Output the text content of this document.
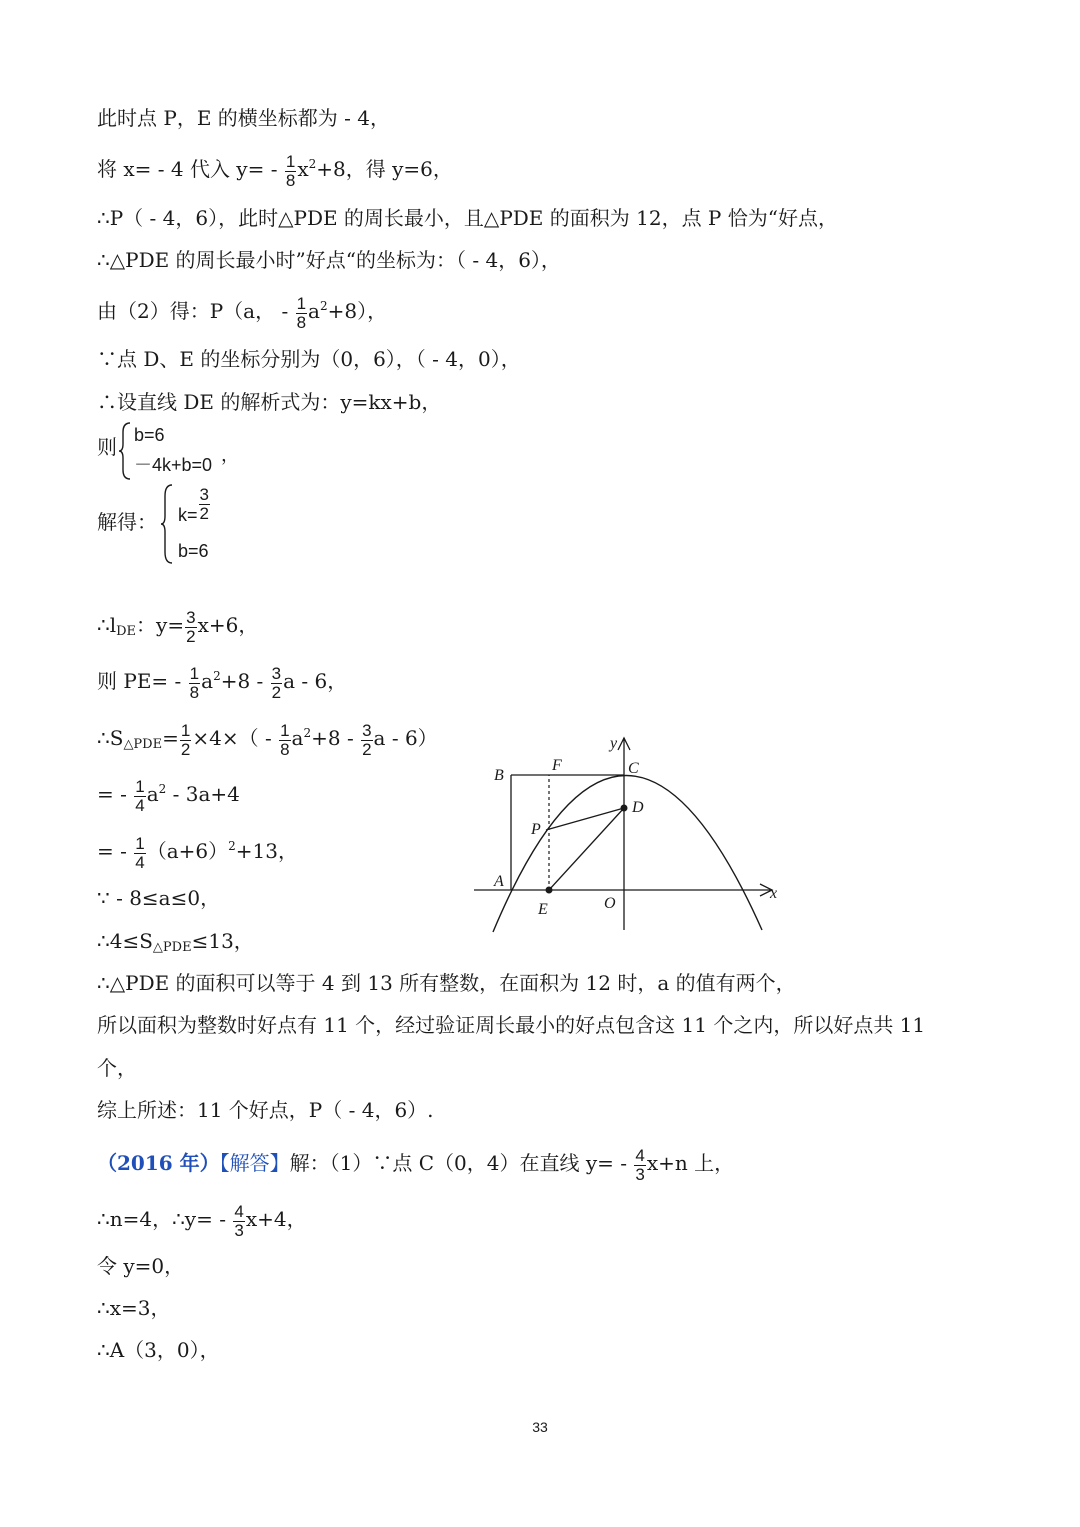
此时点 P，E 的横坐标都为 - 4，
将 x= - 4 代入 $y= - \frac{1}{8} x^2+8$，得 y=6，
∴P（ - 4，6），此时△PDE 的周长最小，且△PDE 的面积为 12，点 P 恰为“好点，
∴△PDE 的周长最小时”好点“的坐标为：（ - 4，6），
由（2）得：P（a， - $\frac{1}{8} a^2+8$），
∵点 D、E 的坐标分别为（0，6），（ - 4，0），
∴设直线 DE 的解析式为：y=kx+b，
则 b=6
－4k+b=0 ，
解得： $k= \frac{3}{2}$
b=6
$\therefore l_{DE}$：$y= \frac{3}{2} x+6$，
则 $PE= - \frac{1}{8} a^2+8 - \frac{3}{2}$ a - 6，
$\therefore S_{\triangle PDE}= \frac{1}{2} \times 4\times( - \frac{1}{8} a^2+8 - \frac{3}{2}$ a - 6）
= - $\frac{1}{4} a^2 - 3a+4$
= - $\frac{1}{4} (a+6)^2+13$，
∵ - 8≤a≤0，
$\therefore 4\le S_{\triangle PDE}\le 13$，
∴△PDE 的面积可以等于 4 到 13 所有整数，在面积为 12 时，a 的值有两个，
所以面积为整数时好点有 11 个，经过验证周长最小的好点包含这 11 个之内，所以好点共 11
个，
综上所述：11 个好点，P（ - 4，6）.
（2016 年）【解答】解：（1）∵点 C（0，4）在直线 $y= - \frac{4}{3} x+n$ 上，
∴n=4，∴y= - $\frac{4}{3} x+4$，
令 y=0，
∴x=3，
∴A（3，0），
y
x
B
F	C
D
P
A
E	O
33
